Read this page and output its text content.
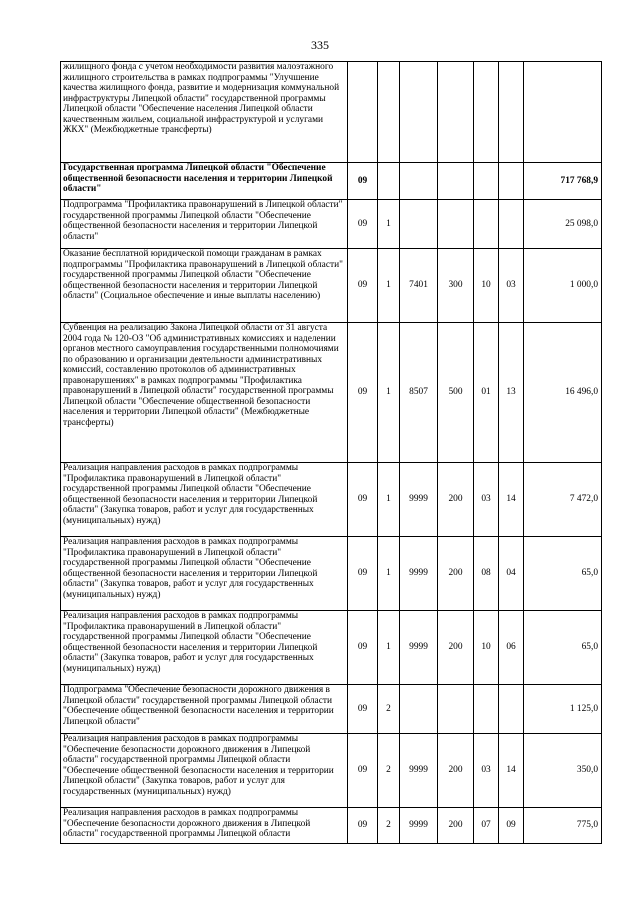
335
жилищного фонда с учетом необходимости развития малоэтажного жилищного строительства в рамках подпрограммы "Улучшение качества жилищного фонда, развитие и модернизация коммунальной инфраструктуры Липецкой области" государственной программы Липецкой области "Обеспечение населения Липецкой области качественным жильем, социальной инфраструктурой и услугами ЖКХ" (Межбюджетные трансферты)							
Государственная программа Липецкой области "Обеспечение общественной безопасности населения и территории Липецкой области"	09						717 768,9
Подпрограмма "Профилактика правонарушений в Липецкой области" государственной программы Липецкой области "Обеспечение общественной безопасности населения и территории Липецкой области"	09	1					25 098,0
Оказание бесплатной юридической помощи гражданам в рамках подпрограммы "Профилактика правонарушений в Липецкой области" государственной программы Липецкой области "Обеспечение общественной безопасности населения и территории Липецкой области" (Социальное обеспечение и иные выплаты населению)	09	1	7401	300	10	03	1 000,0
Субвенция на реализацию Закона Липецкой области от 31 августа 2004 года № 120-ОЗ "Об административных комиссиях и наделении органов местного самоуправления государственными полномочиями по образованию и организации деятельности административных комиссий, составлению протоколов об административных правонарушениях" в рамках подпрограммы "Профилактика правонарушений в Липецкой области" государственной программы Липецкой области "Обеспечение общественной безопасности населения и территории Липецкой области" (Межбюджетные трансферты)	09	1	8507	500	01	13	16 496,0
Реализация направления расходов в рамках подпрограммы "Профилактика правонарушений в Липецкой области" государственной программы Липецкой области "Обеспечение общественной безопасности населения и территории Липецкой области" (Закупка товаров, работ и услуг для государственных (муниципальных) нужд)	09	1	9999	200	03	14	7 472,0
Реализация направления расходов в рамках подпрограммы "Профилактика правонарушений в Липецкой области" государственной программы Липецкой области "Обеспечение общественной безопасности населения и территории Липецкой области" (Закупка товаров, работ и услуг для государственных (муниципальных) нужд)	09	1	9999	200	08	04	65,0
Реализация направления расходов в рамках подпрограммы "Профилактика правонарушений в Липецкой области" государственной программы Липецкой области "Обеспечение общественной безопасности населения и территории Липецкой области" (Закупка товаров, работ и услуг для государственных (муниципальных) нужд)	09	1	9999	200	10	06	65,0
Подпрограмма "Обеспечение безопасности дорожного движения в Липецкой области" государственной программы Липецкой области "Обеспечение общественной безопасности населения и территории Липецкой области"	09	2					1 125,0
Реализация направления расходов в рамках подпрограммы "Обеспечение безопасности дорожного движения в Липецкой области" государственной программы Липецкой области "Обеспечение общественной безопасности населения и территории Липецкой области" (Закупка товаров, работ и услуг для государственных (муниципальных) нужд)	09	2	9999	200	03	14	350,0
Реализация направления расходов в рамках подпрограммы "Обеспечение безопасности дорожного движения в Липецкой области" государственной программы Липецкой области	09	2	9999	200	07	09	775,0
